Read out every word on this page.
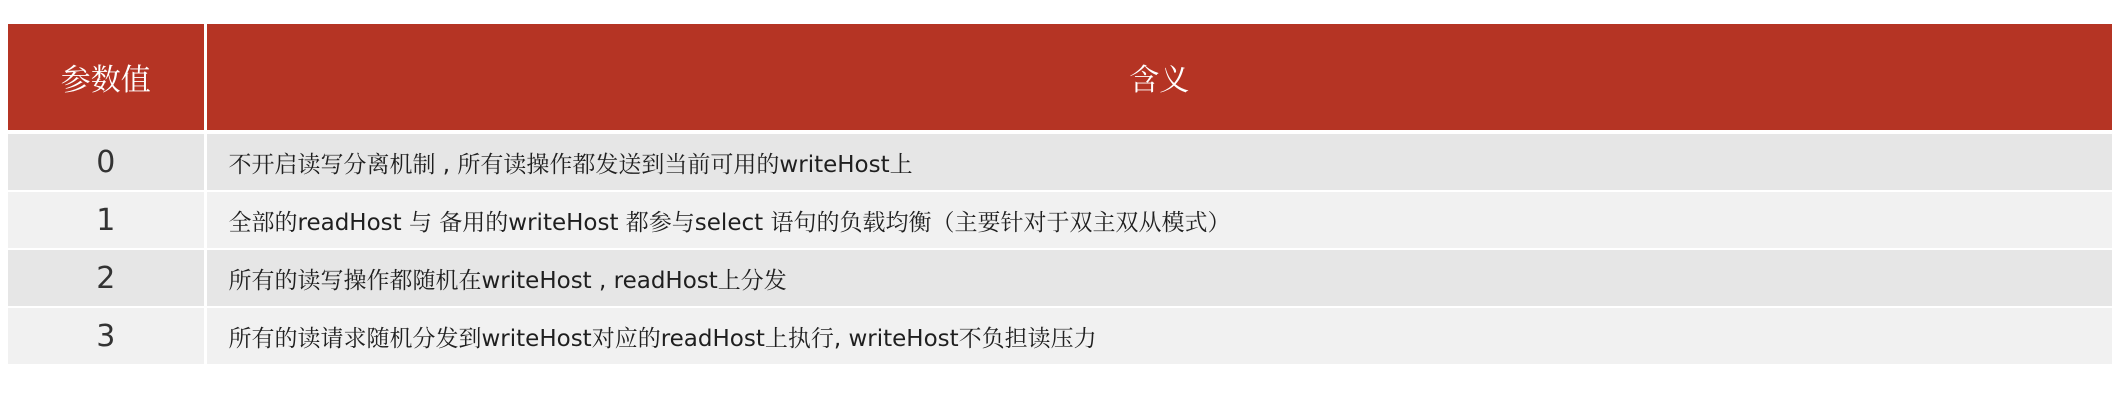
参数值	含义
0	不开启读写分离机制 , 所有读操作都发送到当前可用的writeHost上
1	全部的readHost 与 备用的writeHost 都参与select 语句的负载均衡（主要针对于双主双从模式）
2	所有的读写操作都随机在writeHost , readHost上分发
3	所有的读请求随机分发到writeHost对应的readHost上执行, writeHost不负担读压力
